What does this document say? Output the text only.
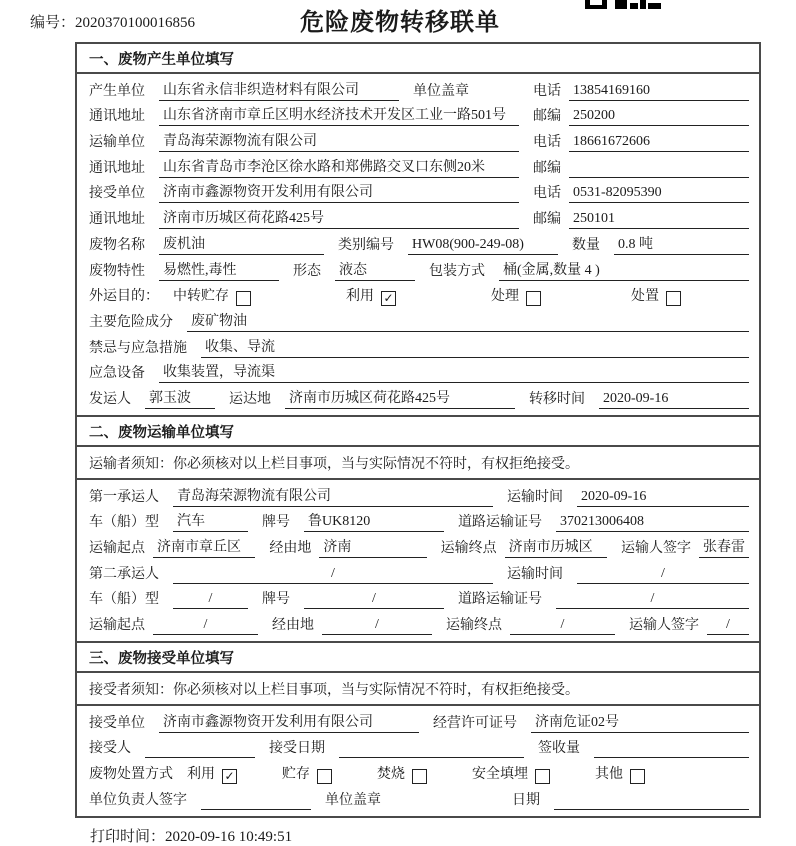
编号：2020370100016856	危险废物转移联单
一、废物产生单位填写
产生单位 山东省永信非织造材料有限公司	单位盖章	电话 13854169160
通讯地址 山东省济南市章丘区明水经济技术开发区工业一路501号	邮编 250200
运输单位 青岛海荣源物流有限公司	电话 18661672606
通讯地址 山东省青岛市李沧区徐水路和郑佛路交叉口东侧20米	邮编
接受单位 济南市鑫源物资开发利用有限公司	电话 0531-82095390
通讯地址 济南市历城区荷花路425号	邮编 250101
废物名称 废机油	类别编号 HW08(900-249-08)	数量 0.8 吨
废物特性 易燃性,毒性	形态 液态	包装方式 桶(金属,数量 4 )
外运目的： 中转贮存	利用 ✓	处理	处置
主要危险成分 废矿物油
禁忌与应急措施 收集、导流
应急设备 收集装置，导流渠
发运人 郭玉波	运达地 济南市历城区荷花路425号	转移时间 2020-09-16
二、废物运输单位填写
运输者须知：你必须核对以上栏目事项，当与实际情况不符时，有权拒绝接受。
第一承运人 青岛海荣源物流有限公司	运输时间 2020-09-16
车（船）型 汽车	牌号 鲁UK8120	道路运输证号 370213006408
运输起点 济南市章丘区	经由地 济南	运输终点 济南市历城区	运输人签字 张春雷
第二承运人	/	运输时间	/
车（船）型	/	牌号	/	道路运输证号	/
运输起点	/	经由地	/	运输终点	/	运输人签字	/
三、废物接受单位填写
接受者须知：你必须核对以上栏目事项，当与实际情况不符时，有权拒绝接受。
接受单位 济南市鑫源物资开发利用有限公司	经营许可证号 济南危证02号
接受人	接受日期	签收量
废物处置方式 利用 ✓	贮存	焚烧	安全填埋	其他
单位负责人签字	单位盖章	日期
打印时间：2020-09-16 10:49:51
